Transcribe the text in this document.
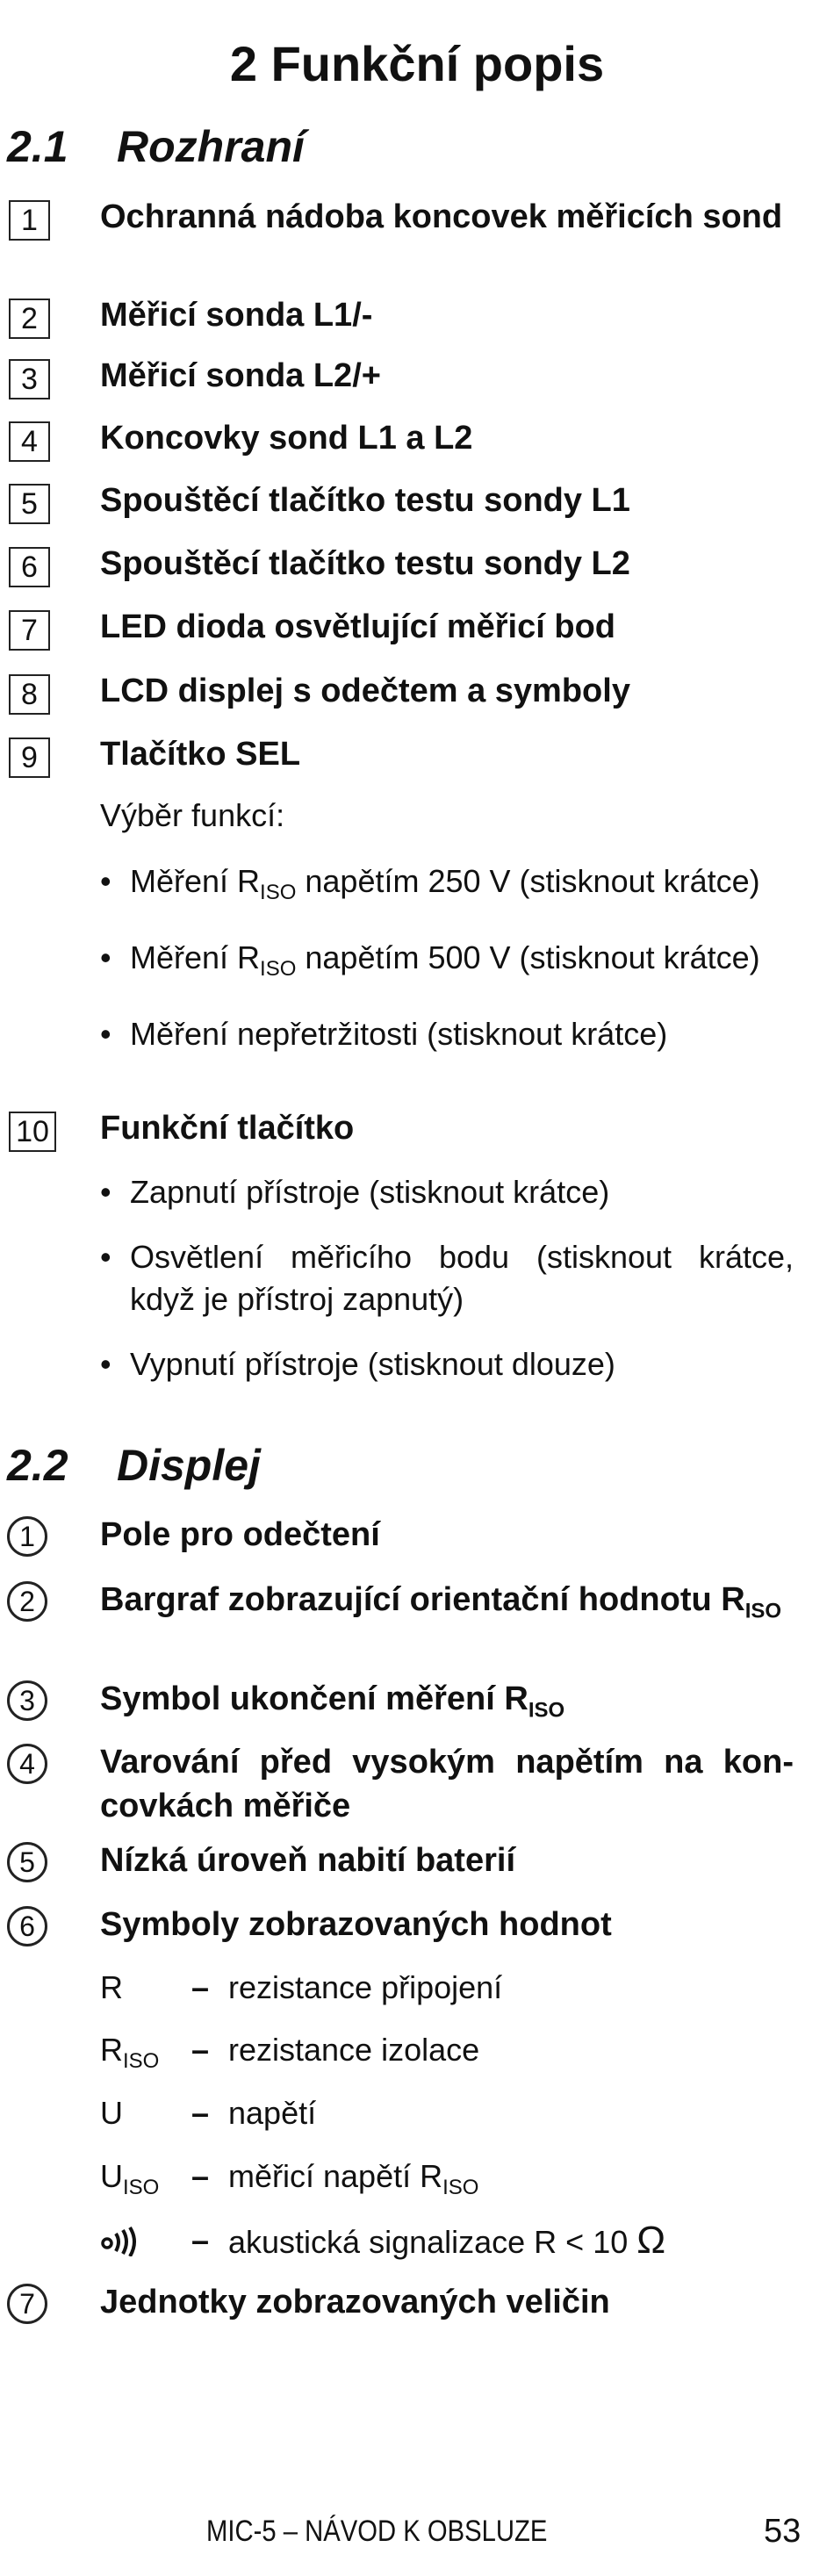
2 Funkční popis
2.1 Rozhraní
1	Ochranná nádoba koncovek měřicích sond

2	Měřicí sonda L1/-

3	Měřicí sonda L2/+

4	Koncovky sond L1 a L2

5	Spouštěcí tlačítko testu sondy L1

6	Spouštěcí tlačítko testu sondy L2

7	LED dioda osvětlující měřicí bod

8	LCD displej s odečtem a symboly

9	Tlačítko SEL

Výběr funkcí:

• Měření $R_{ISO}$ napětím 250 V (stisknout krátce)
• Měření $R_{ISO}$ napětím 500 V (stisknout krátce)
• Měření nepřetržitosti (stisknout krátce)
10 Funkční tlačítko

• Zapnutí přístroje (stisknout krátce)
• Osvětlení měřicího bodu (stisknout krátce, když je přístroj zapnutý)
• Vypnutí přístroje (stisknout dlouze)
2.2 Displej
1	Pole pro odečtení

2	Bargraf zobrazující orientační hodnotu $R_{ISO}$

3	Symbol ukončení měření $R_{ISO}$

4	Varování před vysokým napětím na kon-covkách měřiče

5	Nízká úroveň nabití baterií

6	Symboly zobrazovaných hodnot

R – rezistance připojení
$R_{ISO}$ – rezistance izolace
U – napětí
$U_{ISO}$ – měřicí napětí $R_{ISO}$
– akustická signalizace R < 10 Ω
7	Jednotky zobrazovaných veličin

MIC-5 – NÁVOD K OBSLUZE	53
